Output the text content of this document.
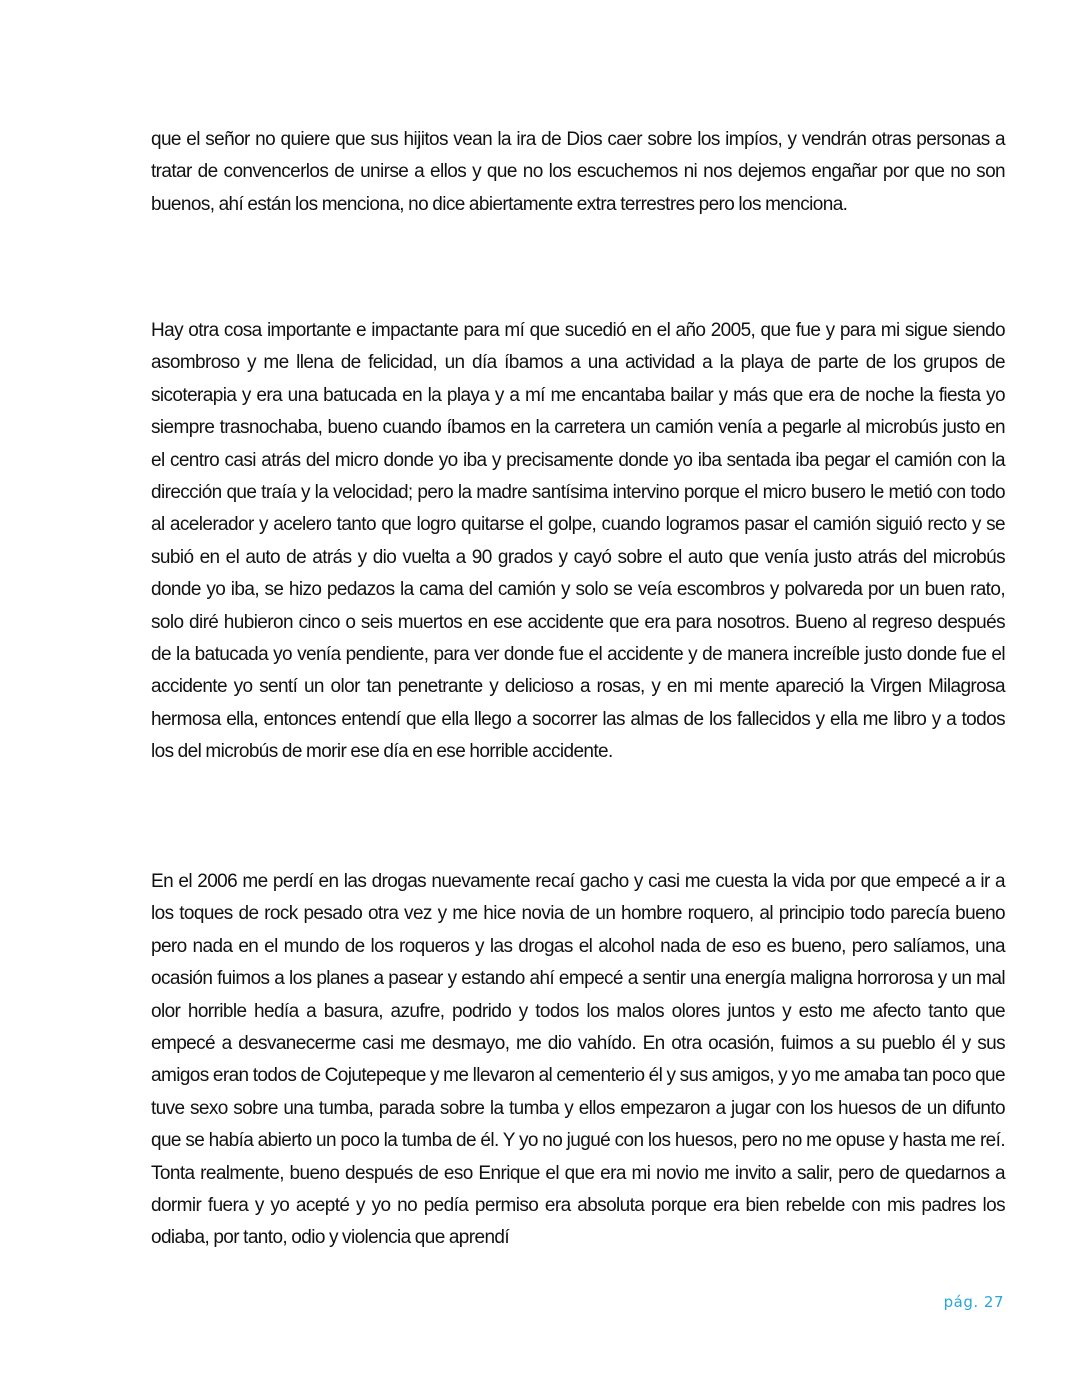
que el señor no quiere que sus hijitos vean la ira de Dios caer sobre los impíos, y vendrán otras personas a tratar de convencerlos de unirse a ellos y que no los escuchemos ni nos dejemos engañar por que no son buenos, ahí están los menciona, no dice abiertamente extra terrestres pero los menciona.

Hay otra cosa importante e impactante para mí que sucedió en el año 2005, que fue y para mi sigue siendo asombroso y me llena de felicidad, un día íbamos a una actividad a la playa de parte de los grupos de sicoterapia y era una batucada en la playa y a mí me encantaba bailar y más que era de noche la fiesta yo siempre trasnochaba, bueno cuando íbamos en la carretera un camión venía a pegarle al microbús justo en el centro casi atrás del micro donde yo iba y precisamente donde yo iba sentada iba pegar el camión con la dirección que traía y la velocidad; pero la madre santísima intervino porque el micro busero le metió con todo al acelerador y acelero tanto que logro quitarse el golpe, cuando logramos pasar el camión siguió recto y se subió en el auto de atrás y dio vuelta a 90 grados y cayó sobre el auto que venía justo atrás del microbús donde yo iba, se hizo pedazos la cama del camión y solo se veía escombros y polvareda por un buen rato, solo diré hubieron cinco o seis muertos en ese accidente que era para nosotros. Bueno al regreso después de la batucada yo venía pendiente, para ver donde fue el accidente y de manera increíble justo donde fue el accidente yo sentí un olor tan penetrante y delicioso a rosas, y en mi mente apareció la Virgen Milagrosa hermosa ella, entonces entendí que ella llego a socorrer las almas de los fallecidos y ella me libro y a todos los del microbús de morir ese día en ese horrible accidente.

En el 2006 me perdí en las drogas nuevamente recaí gacho y casi me cuesta la vida por que empecé a ir a los toques de rock pesado otra vez y me hice novia de un hombre roquero, al principio todo parecía bueno pero nada en el mundo de los roqueros y las drogas el alcohol nada de eso es bueno, pero salíamos, una ocasión fuimos a los planes a pasear y estando ahí empecé a sentir una energía maligna horrorosa y un mal olor horrible hedía a basura, azufre, podrido y todos los malos olores juntos y esto me afecto tanto que empecé a desvanecerme casi me desmayo, me dio vahído. En otra ocasión, fuimos a su pueblo él y sus amigos eran todos de Cojutepeque y me llevaron al cementerio él y sus amigos, y yo me amaba tan poco que tuve sexo sobre una tumba, parada sobre la tumba y ellos empezaron a jugar con los huesos de un difunto que se había abierto un poco la tumba de él. Y yo no jugué con los huesos, pero no me opuse y hasta me reí. Tonta realmente, bueno después de eso Enrique el que era mi novio me invito a salir, pero de quedarnos a dormir fuera y yo acepté y yo no pedía permiso era absoluta porque era bien rebelde con mis padres los odiaba, por tanto, odio y violencia que aprendí

pág. 27
